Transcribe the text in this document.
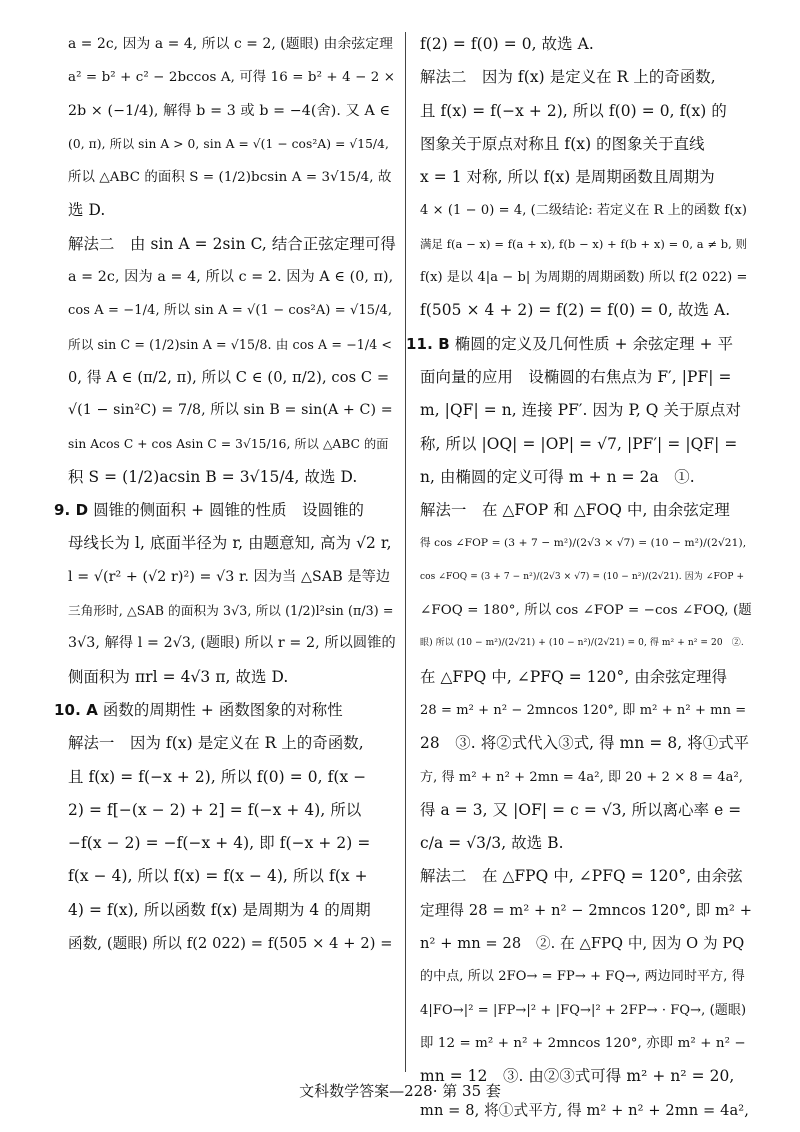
a = 2c, 因为 a = 4, 所以 c = 2, (题眼) 由余弦定理
a² = b² + c² − 2bccos A, 可得 16 = b² + 4 − 2 ×
2b × (−1/4), 解得 b = 3 或 b = −4(舍). 又 A ∈
(0, π), 所以 sin A > 0, sin A = √(1 − cos²A) = √15/4,
所以 △ABC 的面积 S = (1/2)bcsin A = 3√15/4, 故
选 D.
解法二　由 sin A = 2sin C, 结合正弦定理可得
a = 2c, 因为 a = 4, 所以 c = 2. 因为 A ∈ (0, π),
cos A = −1/4, 所以 sin A = √(1 − cos²A) = √15/4,
所以 sin C = (1/2)sin A = √15/8. 由 cos A = −1/4 <
0, 得 A ∈ (π/2, π), 所以 C ∈ (0, π/2), cos C =
√(1 − sin²C) = 7/8, 所以 sin B = sin(A + C) =
sin Acos C + cos Asin C = 3√15/16, 所以 △ABC 的面
积 S = (1/2)acsin B = 3√15/4, 故选 D.
9. D 圆锥的侧面积 + 圆锥的性质　设圆锥的
母线长为 l, 底面半径为 r, 由题意知, 高为 √2 r,
l = √(r² + (√2 r)²) = √3 r. 因为当 △SAB 是等边
三角形时, △SAB 的面积为 3√3, 所以 (1/2)l²sin (π/3) =
3√3, 解得 l = 2√3, (题眼) 所以 r = 2, 所以圆锥的
侧面积为 πrl = 4√3 π, 故选 D.
10. A 函数的周期性 + 函数图象的对称性
解法一　因为 f(x) 是定义在 R 上的奇函数,
且 f(x) = f(−x + 2), 所以 f(0) = 0, f(x −
2) = f[−(x − 2) + 2] = f(−x + 4), 所以
−f(x − 2) = −f(−x + 4), 即 f(−x + 2) =
f(x − 4), 所以 f(x) = f(x − 4), 所以 f(x +
4) = f(x), 所以函数 f(x) 是周期为 4 的周期
函数, (题眼) 所以 f(2 022) = f(505 × 4 + 2) =
f(2) = f(0) = 0, 故选 A.
解法二　因为 f(x) 是定义在 R 上的奇函数,
且 f(x) = f(−x + 2), 所以 f(0) = 0, f(x) 的
图象关于原点对称且 f(x) 的图象关于直线
x = 1 对称, 所以 f(x) 是周期函数且周期为
4 × (1 − 0) = 4, (二级结论: 若定义在 R 上的函数 f(x)
满足 f(a − x) = f(a + x), f(b − x) + f(b + x) = 0, a ≠ b, 则
f(x) 是以 4|a − b| 为周期的周期函数) 所以 f(2 022) =
f(505 × 4 + 2) = f(2) = f(0) = 0, 故选 A.
11. B 椭圆的定义及几何性质 + 余弦定理 + 平
面向量的应用　设椭圆的右焦点为 F′, |PF| =
m, |QF| = n, 连接 PF′. 因为 P, Q 关于原点对
称, 所以 |OQ| = |OP| = √7, |PF′| = |QF| =
n, 由椭圆的定义可得 m + n = 2a　①.
解法一　在 △FOP 和 △FOQ 中, 由余弦定理
得 cos ∠FOP = (3 + 7 − m²)/(2√3 × √7) = (10 − m²)/(2√21),
cos ∠FOQ = (3 + 7 − n²)/(2√3 × √7) = (10 − n²)/(2√21). 因为 ∠FOP +
∠FOQ = 180°, 所以 cos ∠FOP = −cos ∠FOQ, (题
眼) 所以 (10 − m²)/(2√21) + (10 − n²)/(2√21) = 0, 得 m² + n² = 20　②.
在 △FPQ 中, ∠PFQ = 120°, 由余弦定理得
28 = m² + n² − 2mncos 120°, 即 m² + n² + mn =
28　③. 将②式代入③式, 得 mn = 8, 将①式平
方, 得 m² + n² + 2mn = 4a², 即 20 + 2 × 8 = 4a²,
得 a = 3, 又 |OF| = c = √3, 所以离心率 e =
c/a = √3/3, 故选 B.
解法二　在 △FPQ 中, ∠PFQ = 120°, 由余弦
定理得 28 = m² + n² − 2mncos 120°, 即 m² +
n² + mn = 28　②. 在 △FPQ 中, 因为 O 为 PQ
的中点, 所以 2FO→ = FP→ + FQ→, 两边同时平方, 得
4|FO→|² = |FP→|² + |FQ→|² + 2FP→ · FQ→, (题眼)
即 12 = m² + n² + 2mncos 120°, 亦即 m² + n² −
mn = 12　③. 由②③式可得 m² + n² = 20,
mn = 8, 将①式平方, 得 m² + n² + 2mn = 4a²,
文科数学答案—228· 第 35 套
